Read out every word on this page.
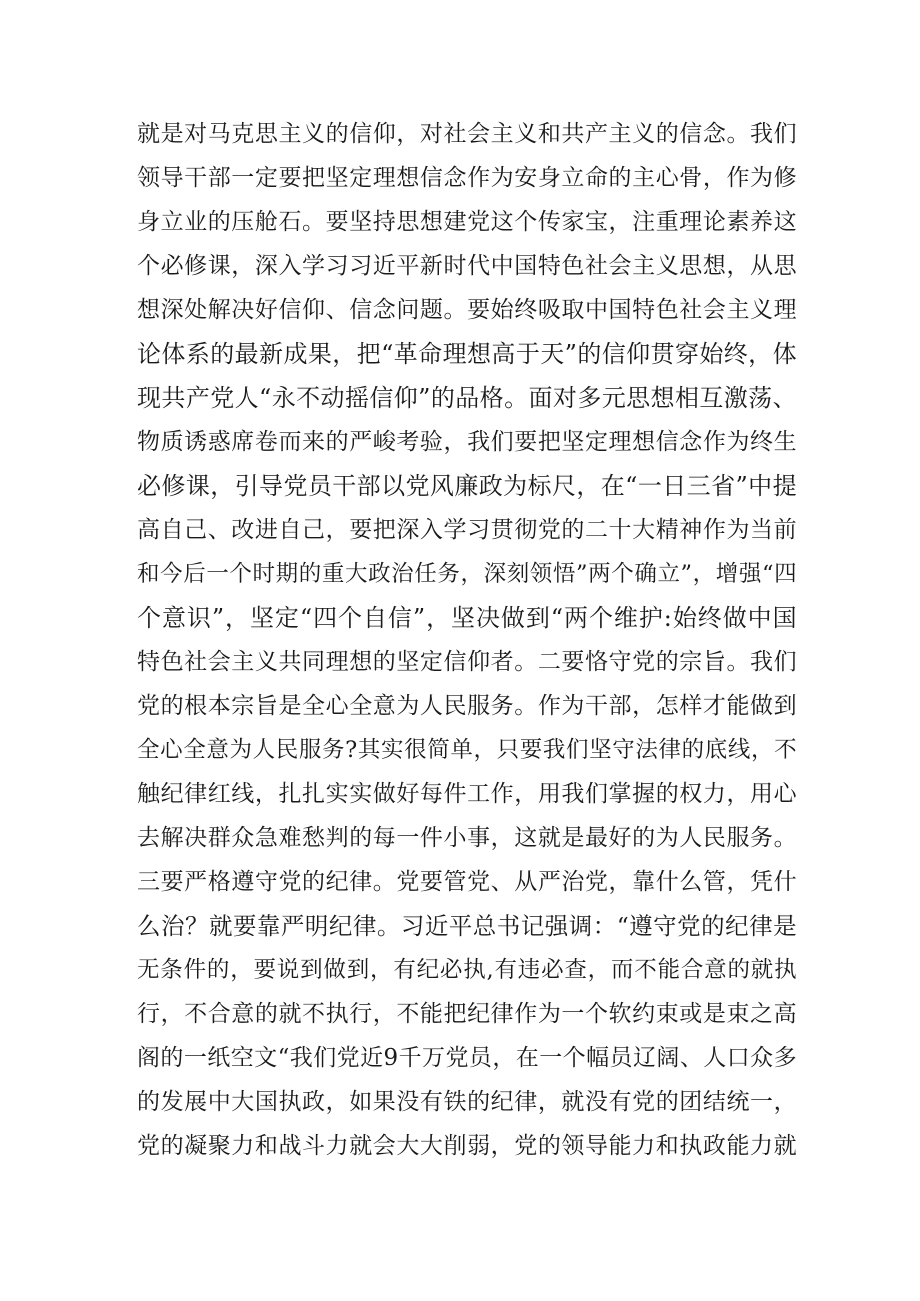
就是对马克思主义的信仰，对社会主义和共产主义的信念。我们
领导干部一定要把坚定理想信念作为安身立命的主心骨，作为修
身立业的压舱石。要坚持思想建党这个传家宝，注重理论素养这
个必修课，深入学习习近平新时代中国特色社会主义思想，从思
想深处解决好信仰、信念问题。要始终吸取中国特色社会主义理
论体系的最新成果，把“革命理想高于天”的信仰贯穿始终，体
现共产党人“永不动摇信仰”的品格。面对多元思想相互激荡、
物质诱惑席卷而来的严峻考验，我们要把坚定理想信念作为终生
必修课，引导党员干部以党风廉政为标尺，在“一日三省”中提
高自己、改进自己，要把深入学习贯彻党的二十大精神作为当前
和今后一个时期的重大政治任务，深刻领悟”两个确立”，增强“四
个意识”，坚定“四个自信”，坚决做到“两个维护:始终做中国
特色社会主义共同理想的坚定信仰者。二要恪守党的宗旨。我们
党的根本宗旨是全心全意为人民服务。作为干部，怎样才能做到
全心全意为人民服务?其实很简单，只要我们坚守法律的底线，不
触纪律红线，扎扎实实做好每件工作，用我们掌握的权力，用心
去解决群众急难愁判的每一件小事，这就是最好的为人民服务。
三要严格遵守党的纪律。党要管党、从严治党，靠什么管，凭什
么治？就要靠严明纪律。习近平总书记强调：“遵守党的纪律是
无条件的，要说到做到，有纪必执,有违必查，而不能合意的就执
行，不合意的就不执行，不能把纪律作为一个软约束或是束之高
阁的一纸空文“我们党近9千万党员，在一个幅员辽阔、人口众多
的发展中大国执政，如果没有铁的纪律，就没有党的团结统一，
党的凝聚力和战斗力就会大大削弱，党的领导能力和执政能力就
